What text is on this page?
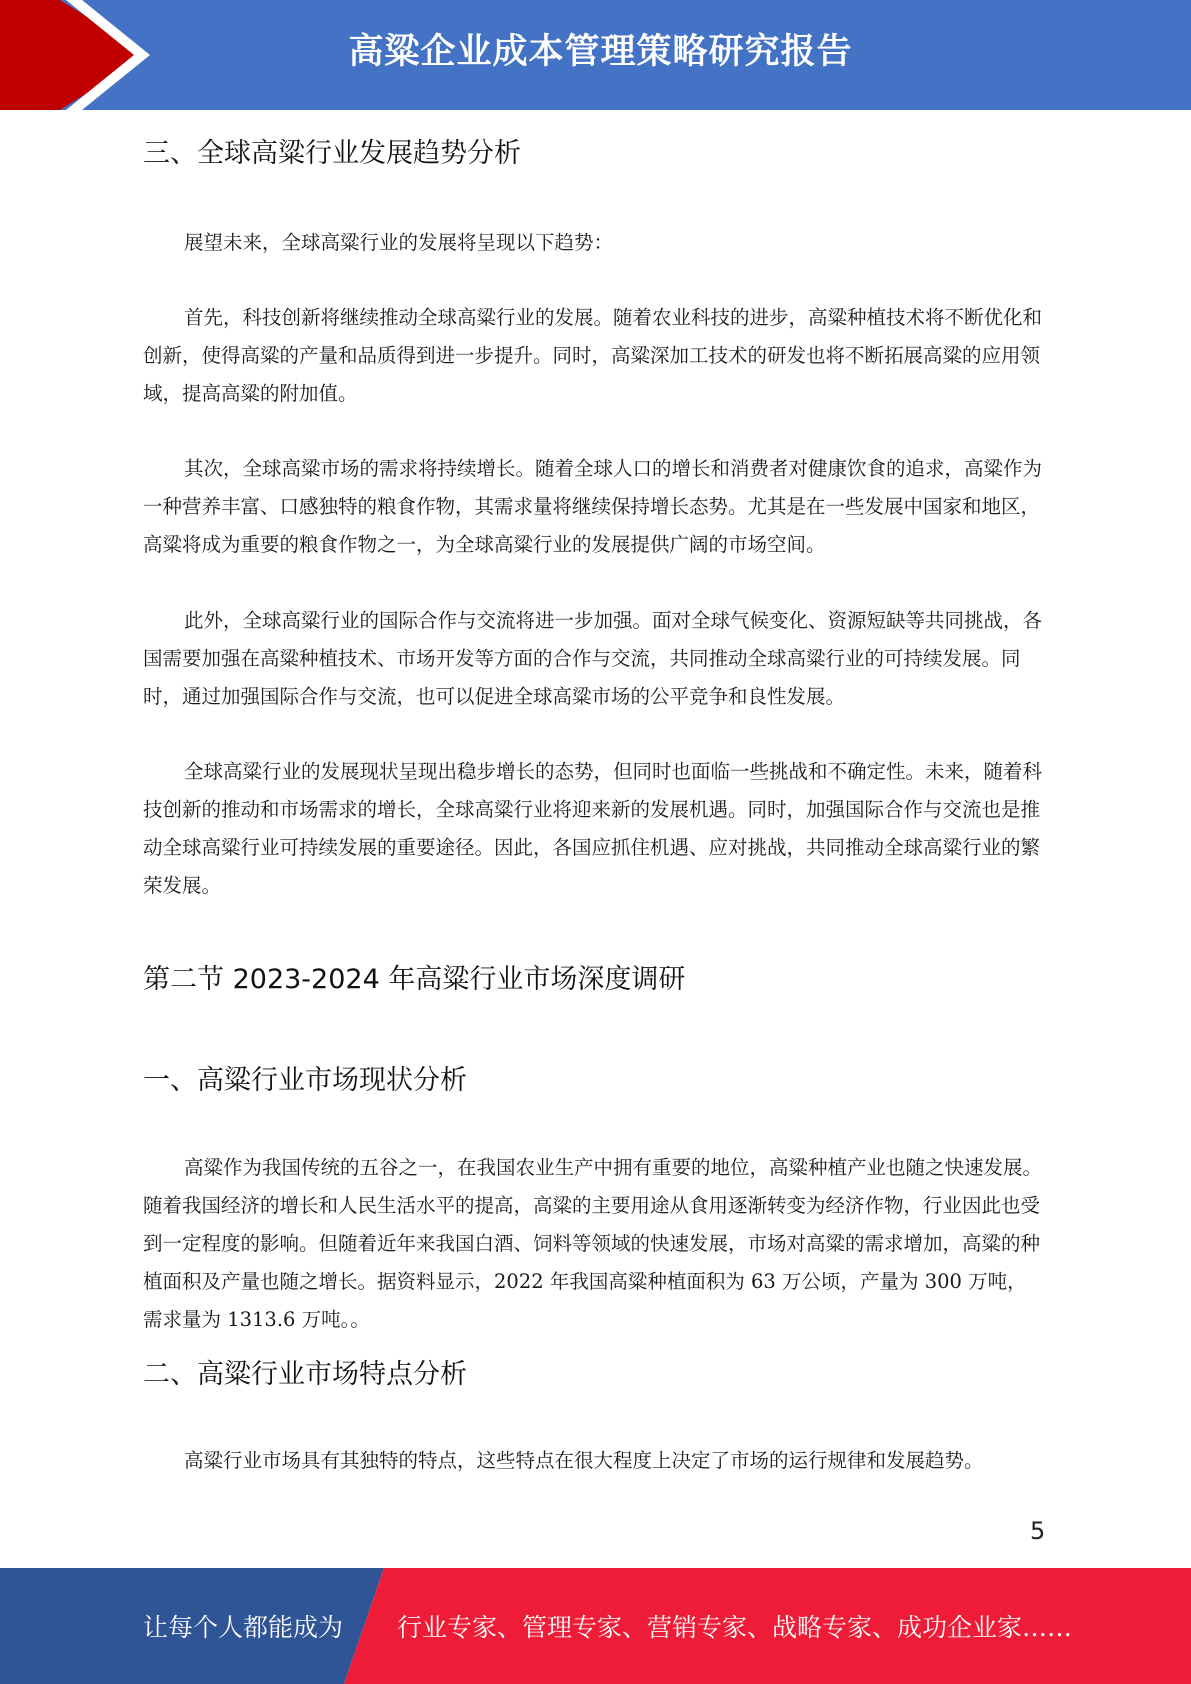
高粱企业成本管理策略研究报告
三、全球高粱行业发展趋势分析

展望未来，全球高粱行业的发展将呈现以下趋势：

首先，科技创新将继续推动全球高粱行业的发展。随着农业科技的进步，高粱种植技术将不断优化和创新，使得高粱的产量和品质得到进一步提升。同时，高粱深加工技术的研发也将不断拓展高粱的应用领域，提高高粱的附加值。

其次，全球高粱市场的需求将持续增长。随着全球人口的增长和消费者对健康饮食的追求，高粱作为一种营养丰富、口感独特的粮食作物，其需求量将继续保持增长态势。尤其是在一些发展中国家和地区，高粱将成为重要的粮食作物之一，为全球高粱行业的发展提供广阔的市场空间。

此外，全球高粱行业的国际合作与交流将进一步加强。面对全球气候变化、资源短缺等共同挑战，各国需要加强在高粱种植技术、市场开发等方面的合作与交流，共同推动全球高粱行业的可持续发展。同时，通过加强国际合作与交流，也可以促进全球高粱市场的公平竞争和良性发展。

全球高粱行业的发展现状呈现出稳步增长的态势，但同时也面临一些挑战和不确定性。未来，随着科技创新的推动和市场需求的增长，全球高粱行业将迎来新的发展机遇。同时，加强国际合作与交流也是推动全球高粱行业可持续发展的重要途径。因此，各国应抓住机遇、应对挑战，共同推动全球高粱行业的繁荣发展。

第二节 2023-2024 年高粱行业市场深度调研
一、高粱行业市场现状分析

高粱作为我国传统的五谷之一，在我国农业生产中拥有重要的地位，高粱种植产业也随之快速发展。随着我国经济的增长和人民生活水平的提高，高粱的主要用途从食用逐渐转变为经济作物，行业因此也受到一定程度的影响。但随着近年来我国白酒、饲料等领域的快速发展，市场对高粱的需求增加，高粱的种植面积及产量也随之增长。据资料显示，2022 年我国高粱种植面积为 63 万公顷，产量为 300 万吨，需求量为 1313.6 万吨。。

二、高粱行业市场特点分析

高粱行业市场具有其独特的特点，这些特点在很大程度上决定了市场的运行规律和发展趋势。

5
让每个人都能成为 行业专家、管理专家、营销专家、战略专家、成功企业家……
